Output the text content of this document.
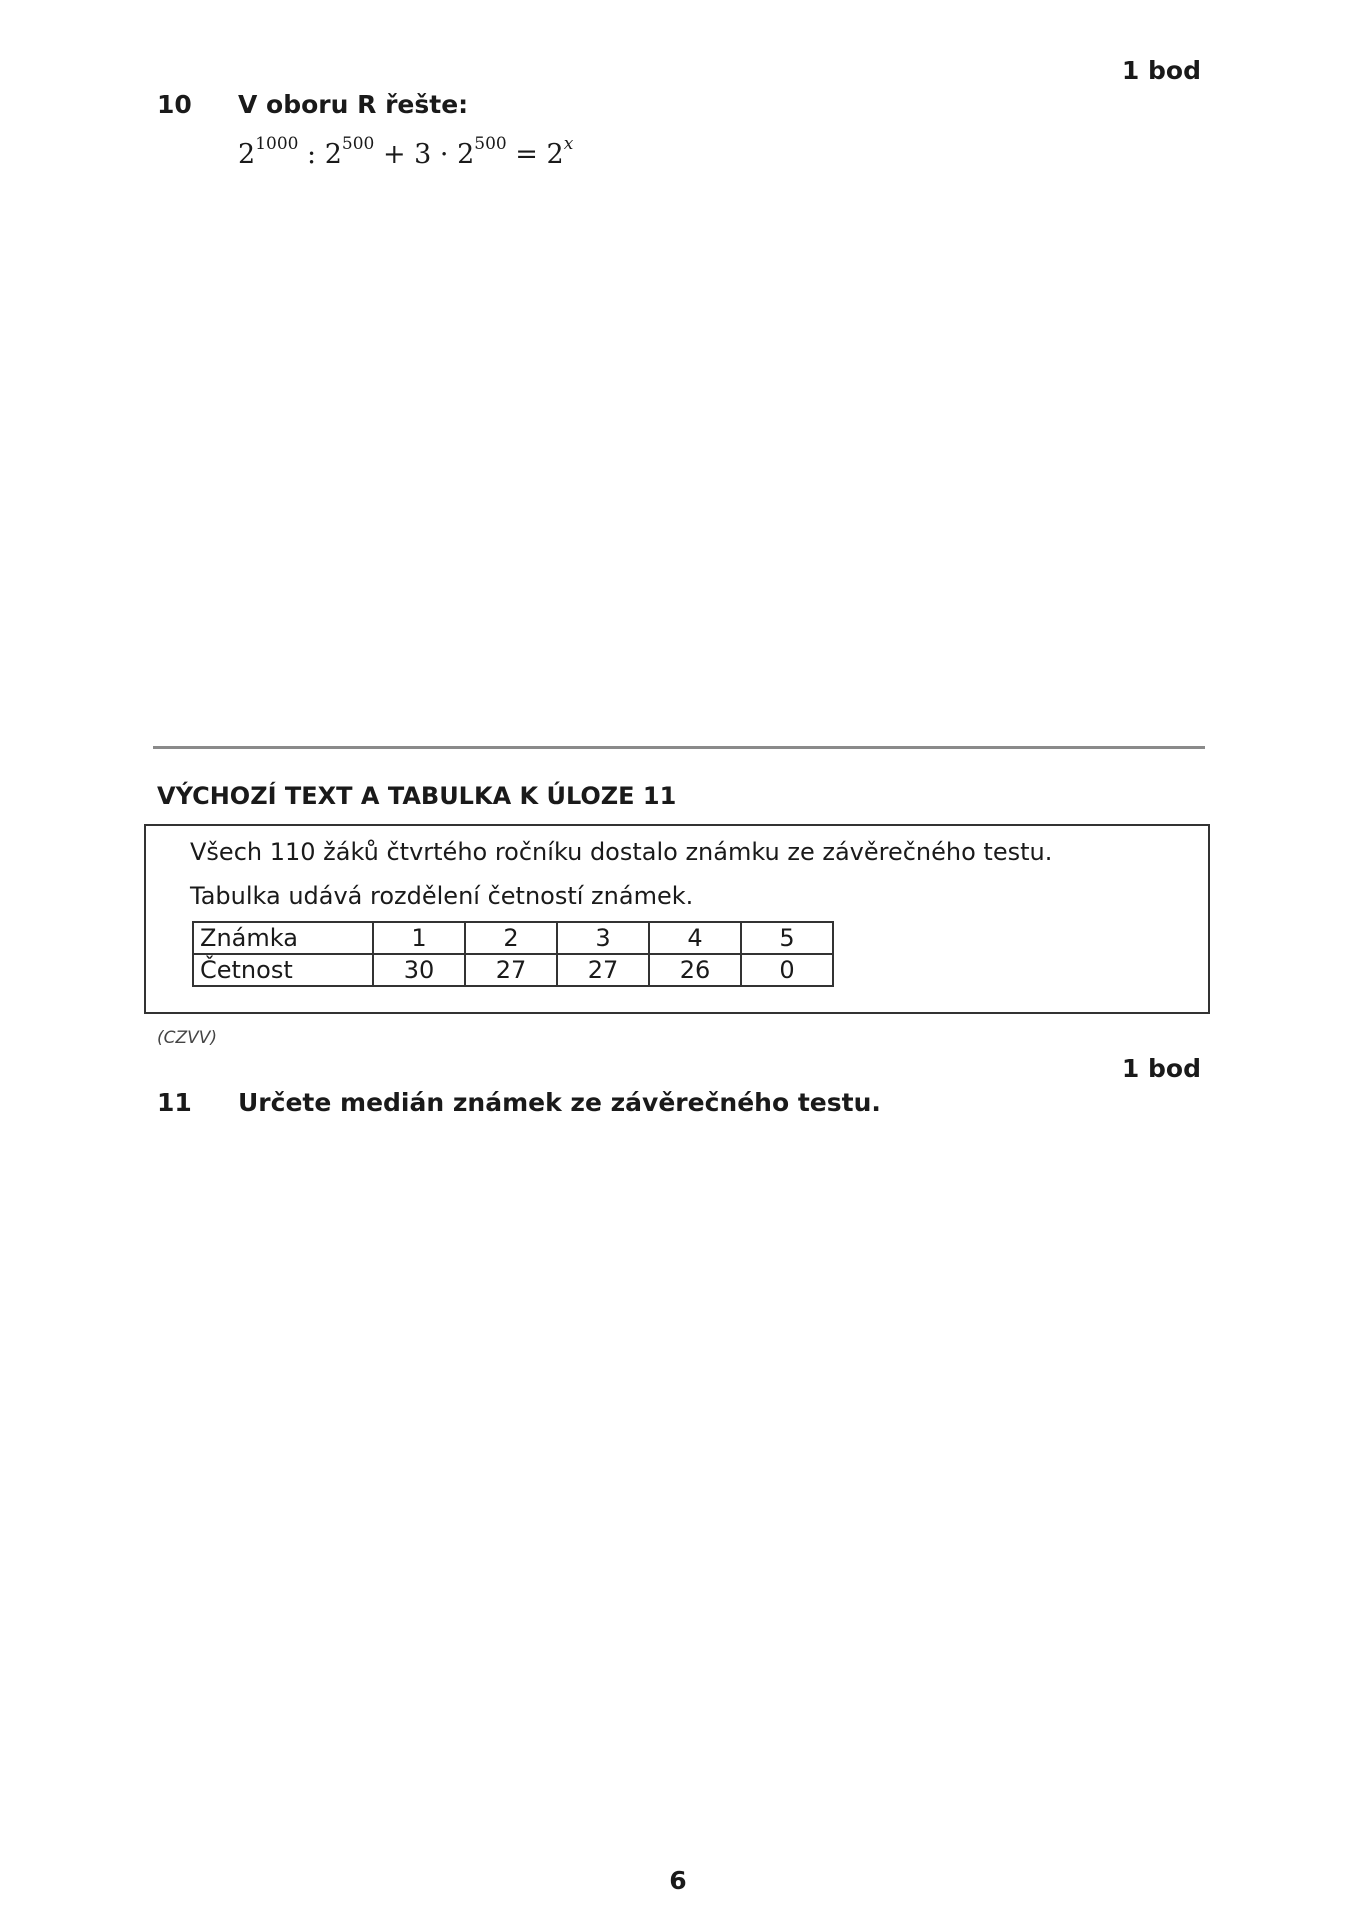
1 bod
10 V oboru R řešte:
$2^{1000}$ : $2^{500} + 3 \cdot 2^{500} = 2^x$
VÝCHOZÍ TEXT A TABULKA K ÚLOZE 11
Všech 110 žáků čtvrtého ročníku dostalo známku ze závěrečného testu.
Tabulka udává rozdělení četností známek.
Známka	1	2	3	4	5
Četnost	30	27	27	26	0
(CZVV)
1 bod
11 Určete medián známek ze závěrečného testu.
6
